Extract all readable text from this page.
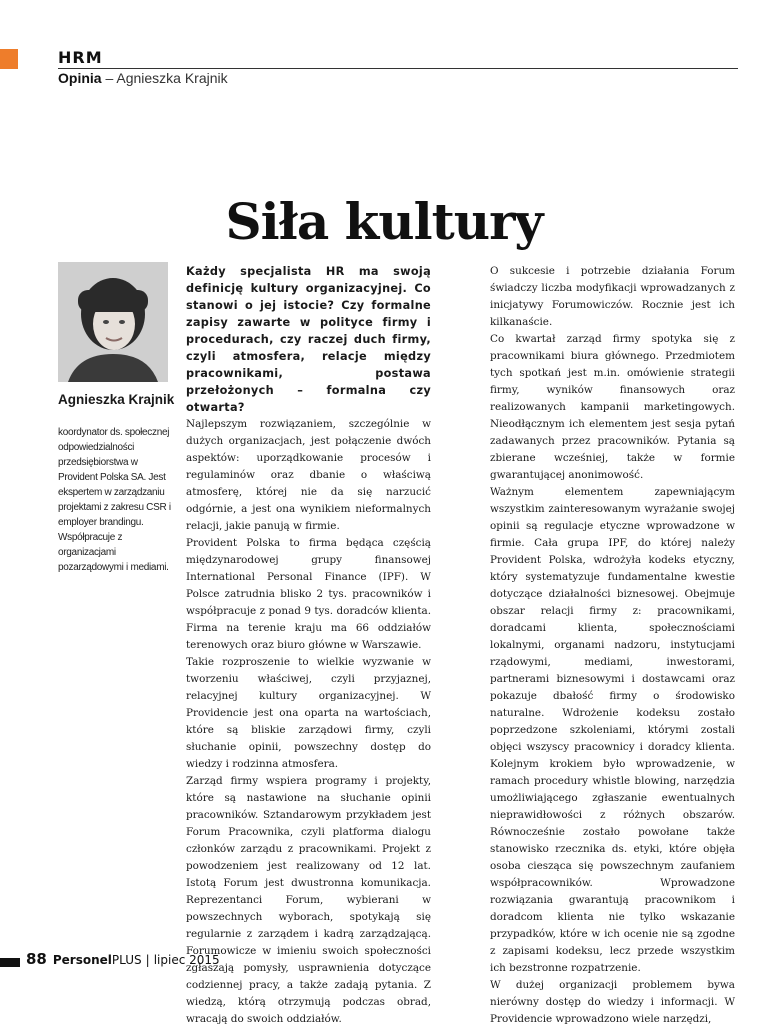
HRM
Opinia – Agnieszka Krajnik
Siła kultury
Agnieszka Krajnik
koordynator ds. społecznej odpowiedzialności przedsiębiorstwa w Provident Polska SA. Jest ekspertem w zarządzaniu projektami z zakresu CSR i employer brandingu. Współpracuje z organizacjami pozarządowymi i mediami.

Każdy specjalista HR ma swoją definicję kultury organizacyjnej. Co stanowi o jej istocie? Czy formalne zapisy zawarte w polityce firmy i procedurach, czy raczej duch firmy, czyli atmosfera, relacje między pracownikami, postawa przełożonych – formalna czy otwarta?

Najlepszym rozwiązaniem, szczególnie w dużych organizacjach, jest połączenie dwóch aspektów: uporządkowanie procesów i regulaminów oraz dbanie o właściwą atmosferę, której nie da się narzucić odgórnie, a jest ona wynikiem nieformalnych relacji, jakie panują w firmie.

Provident Polska to firma będąca częścią międzynarodowej grupy finansowej International Personal Finance (IPF). W Polsce zatrudnia blisko 2 tys. pracowników i współpracuje z ponad 9 tys. doradców klienta. Firma na terenie kraju ma 66 oddziałów terenowych oraz biuro główne w Warszawie.

Takie rozproszenie to wielkie wyzwanie w tworzeniu właściwej, czyli przyjaznej, relacyjnej kultury organizacyjnej. W Providencie jest ona oparta na wartościach, które są bliskie zarządowi firmy, czyli słuchanie opinii, powszechny dostęp do wiedzy i rodzinna atmosfera.

Zarząd firmy wspiera programy i projekty, które są nastawione na słuchanie opinii pracowników. Sztandarowym przykładem jest Forum Pracownika, czyli platforma dialogu członków zarządu z pracownikami. Projekt z powodzeniem jest realizowany od 12 lat. Istotą Forum jest dwustronna komunikacja. Reprezentanci Forum, wybierani w powszechnych wyborach, spotykają się regularnie z zarządem i kadrą zarządzającą. Forumowicze w imieniu swoich społeczności zgłaszają pomysły, usprawnienia dotyczące codziennej pracy, a także zadają pytania. Z wiedzą, którą otrzymują podczas obrad, wracają do swoich oddziałów.

O sukcesie i potrzebie działania Forum świadczy liczba modyfikacji wprowadzanych z inicjatywy Forumowiczów. Rocznie jest ich kilkanaście.

Co kwartał zarząd firmy spotyka się z pracownikami biura głównego. Przedmiotem tych spotkań jest m.in. omówienie strategii firmy, wyników finansowych oraz realizowanych kampanii marketingowych. Nieodłącznym ich elementem jest sesja pytań zadawanych przez pracowników. Pytania są zbierane wcześniej, także w formie gwarantującej anonimowość.

Ważnym elementem zapewniającym wszystkim zainteresowanym wyrażanie swojej opinii są regulacje etyczne wprowadzone w firmie. Cała grupa IPF, do której należy Provident Polska, wdrożyła kodeks etyczny, który systematyzuje fundamentalne kwestie dotyczące działalności biznesowej. Obejmuje obszar relacji firmy z: pracownikami, doradcami klienta, społecznościami lokalnymi, organami nadzoru, instytucjami rządowymi, mediami, inwestorami, partnerami biznesowymi i dostawcami oraz pokazuje dbałość firmy o środowisko naturalne. Wdrożenie kodeksu zostało poprzedzone szkoleniami, którymi zostali objęci wszyscy pracownicy i doradcy klienta. Kolejnym krokiem było wprowadzenie, w ramach procedury whistle blowing, narzędzia umożliwiającego zgłaszanie ewentualnych nieprawidłowości z różnych obszarów. Równocześnie zostało powołane także stanowisko rzecznika ds. etyki, które objęła osoba ciesząca się powszechnym zaufaniem współpracowników. Wprowadzone rozwiązania gwarantują pracownikom i doradcom klienta nie tylko wskazanie przypadków, które w ich ocenie nie są zgodne z zapisami kodeksu, lecz przede wszystkim ich bezstronne rozpatrzenie.

W dużej organizacji problemem bywa nierówny dostęp do wiedzy i informacji. W Providencie wprowadzono wiele narzędzi,

88 PersonelPLUS | lipiec 2015
